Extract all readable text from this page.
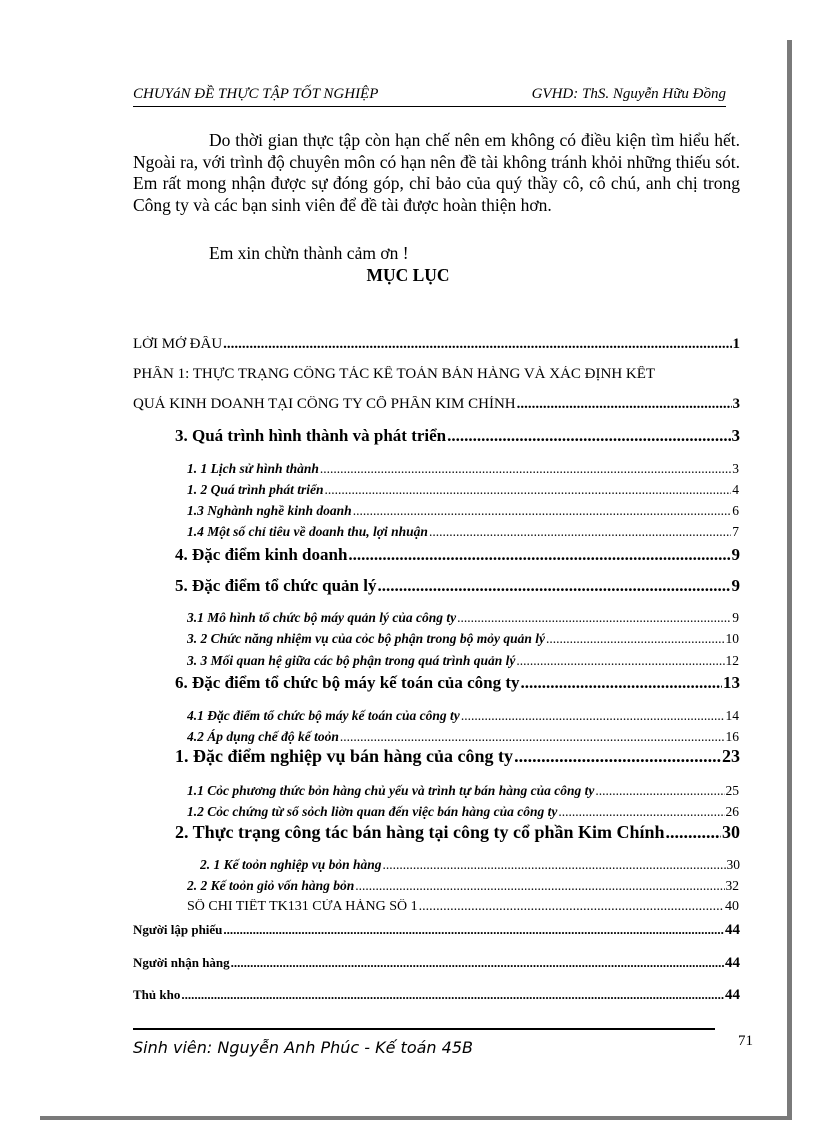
CHUYáN ĐỀ THỰC TẬP TỐT NGHIỆP	GVHD: ThS. Nguyễn Hữu Đồng

Do thời gian thực tập còn hạn chế nên em không có điều kiện tìm hiểu hết. Ngoài ra, với trình độ chuyên môn có hạn nên đề tài không tránh khỏi những thiếu sót. Em rất mong nhận được sự đóng góp, chỉ bảo của quý thầy cô, cô chú, anh chị trong Công ty và các bạn sinh viên để đề tài được hoàn thiện hơn.

Em xin chừn thành cảm ơn !
MỤC LỤC
LỜI MỞ ĐẦU .....	1
PHẦN 1: THỰC TRẠNG CÔNG TÁC KẾ TOÁN BÁN HÀNG VÀ XÁC ĐỊNH KẾT
QUẢ KINH DOANH TẠI CÔNG TY CỔ PHẦN KIM CHÍNH .....	3
3. Quá trình hình thành và phát triển .....	3
1. 1 Lịch sử hình thành .....	3
1. 2 Quá trình phát triển .....	4
1.3 Nghành nghề kinh doanh .....	6
1.4 Một số chỉ tiêu về doanh thu, lợi nhuận .....	7
4. Đặc điểm kinh doanh .....	9
5. Đặc điểm tổ chức quản lý .....	9
3.1 Mô hình tổ chức bộ máy quản lý của công ty .....	9
3. 2 Chức năng nhiệm vụ của cỏc bộ phận trong bộ mỏy quản lý .....	10
3. 3 Mối quan hệ giữa các bộ phận trong quá trình quản lý .....	12
6. Đặc điểm tổ chức bộ máy kế toán của công ty .....	13
4.1 Đặc điểm tổ chức bộ máy kế toán của công ty .....	14
4.2 Áp dụng chế độ kế toỏn .....	16
1. Đặc điểm nghiệp vụ bán hàng của công ty .....	23
1.1 Cỏc phương thức bỏn hàng chủ yếu và trình tự bán hàng của công ty .....	25
1.2 Cỏc chứng từ sổ sỏch liờn quan đến việc bán hàng của công ty .....	26
2. Thực trạng công tác bán hàng tại công ty cổ phần Kim Chính .....	30
2. 1 Kế toỏn nghiệp vụ bỏn hàng .....	30
2. 2 Kế toỏn giỏ vốn hàng bỏn .....	32
SỔ CHI TIẾT TK131 CỬA HÀNG SỐ 1 .....	40
Người lập phiếu .....	44
Người nhận hàng .....	44
Thủ kho .....	44
Sinh viên: Nguyễn Anh Phúc - Kế toán 45B	71
